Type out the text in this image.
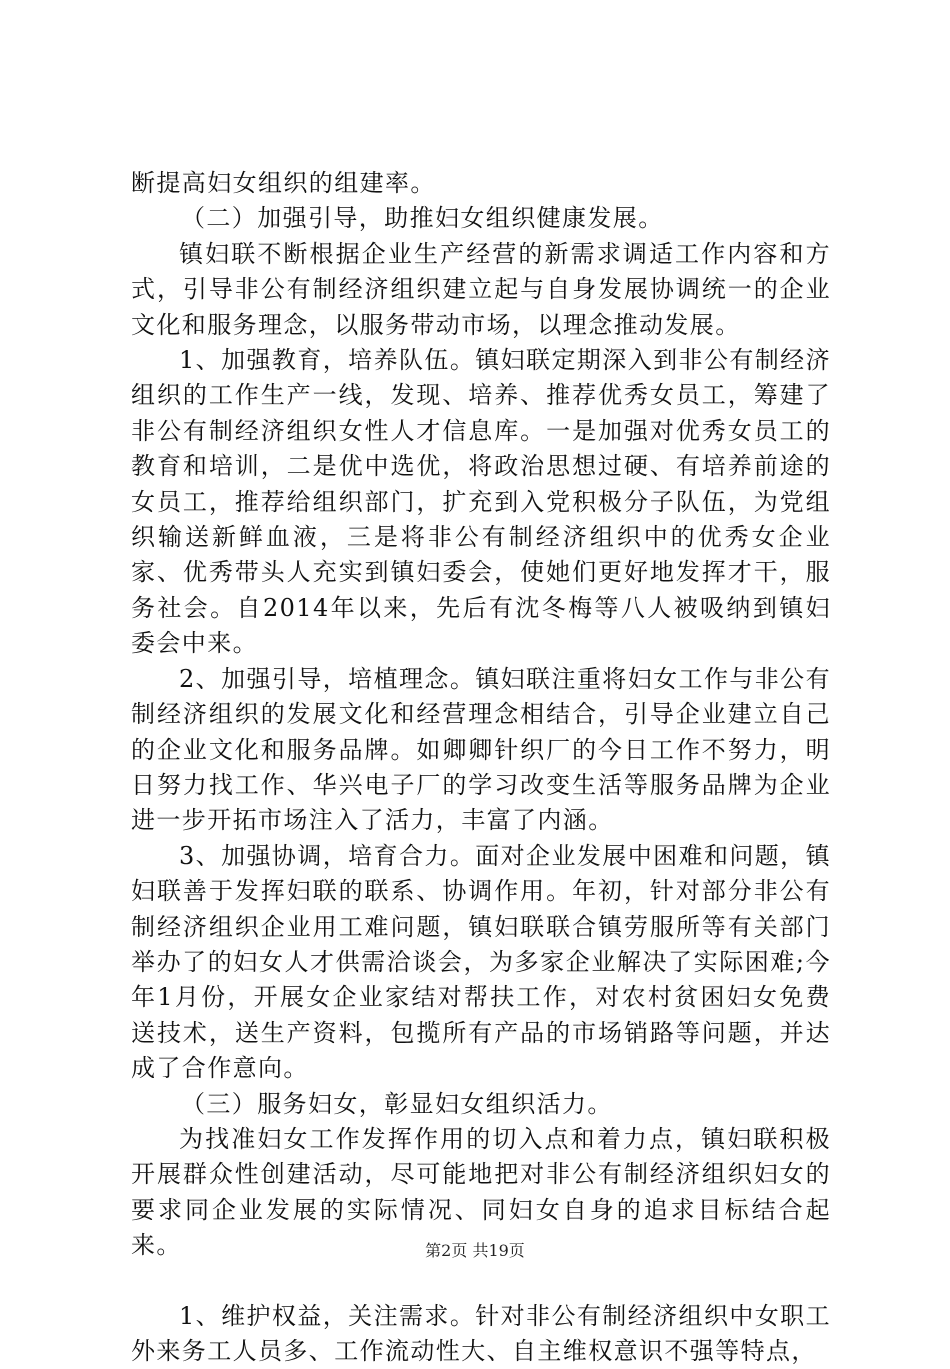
断提高妇女组织的组建率。

（二）加强引导，助推妇女组织健康发展。

镇妇联不断根据企业生产经营的新需求调适工作内容和方式，引导非公有制经济组织建立起与自身发展协调统一的企业文化和服务理念，以服务带动市场，以理念推动发展。

1、加强教育，培养队伍。镇妇联定期深入到非公有制经济组织的工作生产一线，发现、培养、推荐优秀女员工，筹建了非公有制经济组织女性人才信息库。一是加强对优秀女员工的教育和培训，二是优中选优，将政治思想过硬、有培养前途的女员工，推荐给组织部门，扩充到入党积极分子队伍，为党组织输送新鲜血液，三是将非公有制经济组织中的优秀女企业家、优秀带头人充实到镇妇委会，使她们更好地发挥才干，服务社会。自2014年以来，先后有沈冬梅等八人被吸纳到镇妇委会中来。

2、加强引导，培植理念。镇妇联注重将妇女工作与非公有制经济组织的发展文化和经营理念相结合，引导企业建立自己的企业文化和服务品牌。如卿卿针织厂的今日工作不努力，明日努力找工作、华兴电子厂的学习改变生活等服务品牌为企业进一步开拓市场注入了活力，丰富了内涵。

3、加强协调，培育合力。面对企业发展中困难和问题，镇妇联善于发挥妇联的联系、协调作用。年初，针对部分非公有制经济组织企业用工难问题，镇妇联联合镇劳服所等有关部门举办了的妇女人才供需洽谈会，为多家企业解决了实际困难;今年1月份，开展女企业家结对帮扶工作，对农村贫困妇女免费送技术，送生产资料，包揽所有产品的市场销路等问题，并达成了合作意向。

（三）服务妇女，彰显妇女组织活力。

为找准妇女工作发挥作用的切入点和着力点，镇妇联积极开展群众性创建活动，尽可能地把对非公有制经济组织妇女的要求同企业发展的实际情况、同妇女自身的追求目标结合起来。

1、维护权益，关注需求。针对非公有制经济组织中女职工外来务工人员多、工作流动性大、自主维权意识不强等特点，

第2页 共19页
